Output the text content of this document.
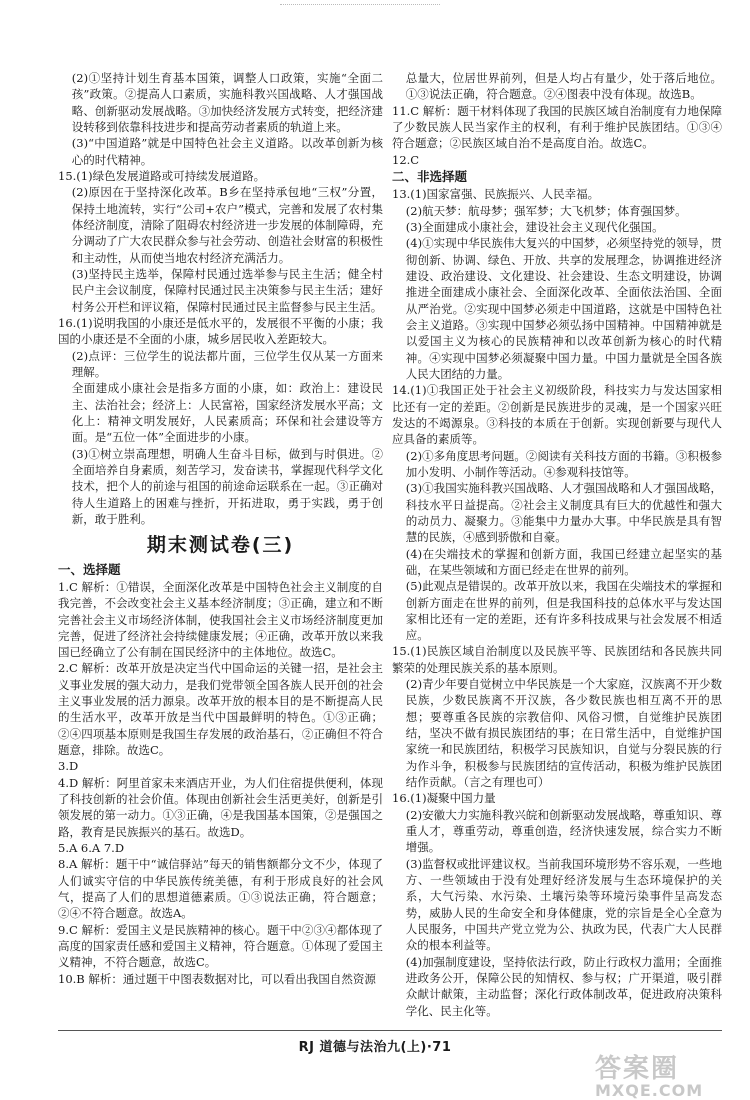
(2)①坚持计划生育基本国策，调整人口政策，实施“全面二孩”政策。②提高人口素质，实施科教兴国战略、人才强国战略、创新驱动发展战略。③加快经济发展方式转变，把经济建设转移到依靠科技进步和提高劳动者素质的轨道上来。

(3)“中国道路”就是中国特色社会主义道路。以改革创新为核心的时代精神。

15.(1)绿色发展道路或可持续发展道路。

(2)原因在于坚持深化改革。B乡在坚持承包地“三权”分置，保持土地流转，实行“公司+农户”模式，完善和发展了农村集体经济制度，清除了阻碍农村经济进一步发展的体制障碍，充分调动了广大农民群众参与社会劳动、创造社会财富的积极性和主动性，从而使当地农村经济充满活力。

(3)坚持民主选举，保障村民通过选举参与民主生活；健全村民户主会议制度，保障村民通过民主决策参与民主生活；建好村务公开栏和评议箱，保障村民通过民主监督参与民主生活。

16.(1)说明我国的小康还是低水平的，发展很不平衡的小康；我国的小康还是不全面的小康，城乡居民收入差距较大。

(2)点评：三位学生的说法都片面，三位学生仅从某一方面来理解。

全面建成小康社会是指多方面的小康，如：政治上：建设民主、法治社会；经济上：人民富裕，国家经济发展水平高；文化上：精神文明发展好，人民素质高；环保和社会建设等方面。是“五位一体”全面进步的小康。

(3)①树立崇高理想，明确人生奋斗目标，做到与时俱进。②全面培养自身素质，刻苦学习，发奋读书，掌握现代科学文化技术，把个人的前途与祖国的前途命运联系在一起。③正确对待人生道路上的困难与挫折，开拓进取，勇于实践，勇于创新，敢于胜利。

期末测试卷(三)
一、选择题

1.C 解析：①错误，全面深化改革是中国特色社会主义制度的自我完善，不会改变社会主义基本经济制度；③正确，建立和不断完善社会主义市场经济体制，使我国社会主义市场经济制度更加完善，促进了经济社会持续健康发展；④正确，改革开放以来我国已经确立了公有制在国民经济中的主体地位。故选C。

2.C 解析：改革开放是决定当代中国命运的关键一招，是社会主义事业发展的强大动力，是我们党带领全国各族人民开创的社会主义事业发展的活力源泉。改革开放的根本目的是不断提高人民的生活水平，改革开放是当代中国最鲜明的特色。①③正确；②④四项基本原则是我国生存发展的政治基石，②正确但不符合题意，排除。故选C。

3.D

4.D 解析：阿里首家未来酒店开业，为人们住宿提供便利，体现了科技创新的社会价值。体现由创新社会生活更美好，创新是引领发展的第一动力。①③正确，④是我国基本国策，②是强国之路，教育是民族振兴的基石。故选D。

5.A 6.A 7.D

8.A 解析：题干中“诚信驿站”每天的销售额都分文不少，体现了人们诚实守信的中华民族传统美德，有利于形成良好的社会风气，提高了人们的思想道德素质。①③说法正确，符合题意；②④不符合题意。故选A。

9.C 解析：爱国主义是民族精神的核心。题干中②③④都体现了高度的国家责任感和爱国主义精神，符合题意。①体现了爱国主义精神，不符合题意，故选C。

10.B 解析：通过题干中图表数据对比，可以看出我国自然资源

总量大，位居世界前列，但是人均占有量少，处于落后地位。①③说法正确，符合题意。②④图表中没有体现。故选B。

11.C 解析：题干材料体现了我国的民族区域自治制度有力地保障了少数民族人民当家作主的权利，有利于维护民族团结。①③④符合题意；②民族区域自治不是高度自治。故选C。

12.C

二、非选择题

13.(1)国家富强、民族振兴、人民幸福。

(2)航天梦：航母梦；强军梦；大飞机梦；体育强国梦。

(3)全面建成小康社会，建设社会主义现代化强国。

(4)①实现中华民族伟大复兴的中国梦，必须坚持党的领导，贯彻创新、协调、绿色、开放、共享的发展理念，协调推进经济建设、政治建设、文化建设、社会建设、生态文明建设，协调推进全面建成小康社会、全面深化改革、全面依法治国、全面从严治党。②实现中国梦必须走中国道路，这就是中国特色社会主义道路。③实现中国梦必须弘扬中国精神。中国精神就是以爱国主义为核心的民族精神和以改革创新为核心的时代精神。④实现中国梦必须凝聚中国力量。中国力量就是全国各族人民大团结的力量。

14.(1)①我国正处于社会主义初级阶段，科技实力与发达国家相比还有一定的差距。②创新是民族进步的灵魂，是一个国家兴旺发达的不竭源泉。③科技的本质在于创新。实现创新要与现代人应具备的素质等。

(2)①多角度思考问题。②阅读有关科技方面的书籍。③积极参加小发明、小制作等活动。④参观科技馆等。

(3)①我国实施科教兴国战略、人才强国战略和人才强国战略，科技水平日益提高。②社会主义制度具有巨大的优越性和强大的动员力、凝聚力。③能集中力量办大事。中华民族是具有智慧的民族，④感到骄傲和自豪。

(4)在尖端技术的掌握和创新方面，我国已经建立起坚实的基础，在某些领域和方面已经走在世界的前列。

(5)此观点是错误的。改革开放以来，我国在尖端技术的掌握和创新方面走在世界的前列，但是我国科技的总体水平与发达国家相比还有一定的差距，还有许多科技成果与社会发展不相适应。

15.(1)民族区域自治制度以及民族平等、民族团结和各民族共同繁荣的处理民族关系的基本原则。

(2)青少年要自觉树立中华民族是一个大家庭，汉族离不开少数民族，少数民族离不开汉族，各少数民族也相互离不开的思想；要尊重各民族的宗教信仰、风俗习惯，自觉维护民族团结，坚决不做有损民族团结的事；在日常生活中，自觉维护国家统一和民族团结，积极学习民族知识，自觉与分裂民族的行为作斗争，积极参与民族团结的宣传活动，积极为维护民族团结作贡献。（言之有理也可）

16.(1)凝聚中国力量

(2)安徽大力实施科教兴皖和创新驱动发展战略，尊重知识、尊重人才，尊重劳动，尊重创造，经济快速发展，综合实力不断增强。

(3)监督权或批评建议权。当前我国环境形势不容乐观，一些地方、一些领域由于没有处理好经济发展与生态环境保护的关系，大气污染、水污染、土壤污染等环境污染事件呈高发态势，威胁人民的生命安全和身体健康，党的宗旨是全心全意为人民服务，中国共产党立党为公、执政为民，代表广大人民群众的根本利益等。

(4)加强制度建设，坚持依法行政，防止行政权力滥用；全面推进政务公开，保障公民的知情权、参与权；广开渠道，吸引群众献计献策，主动监督；深化行政体制改革，促进政府决策科学化、民主化等。

RJ 道德与法治九(上)·71
答案圈
MXQE.COM
